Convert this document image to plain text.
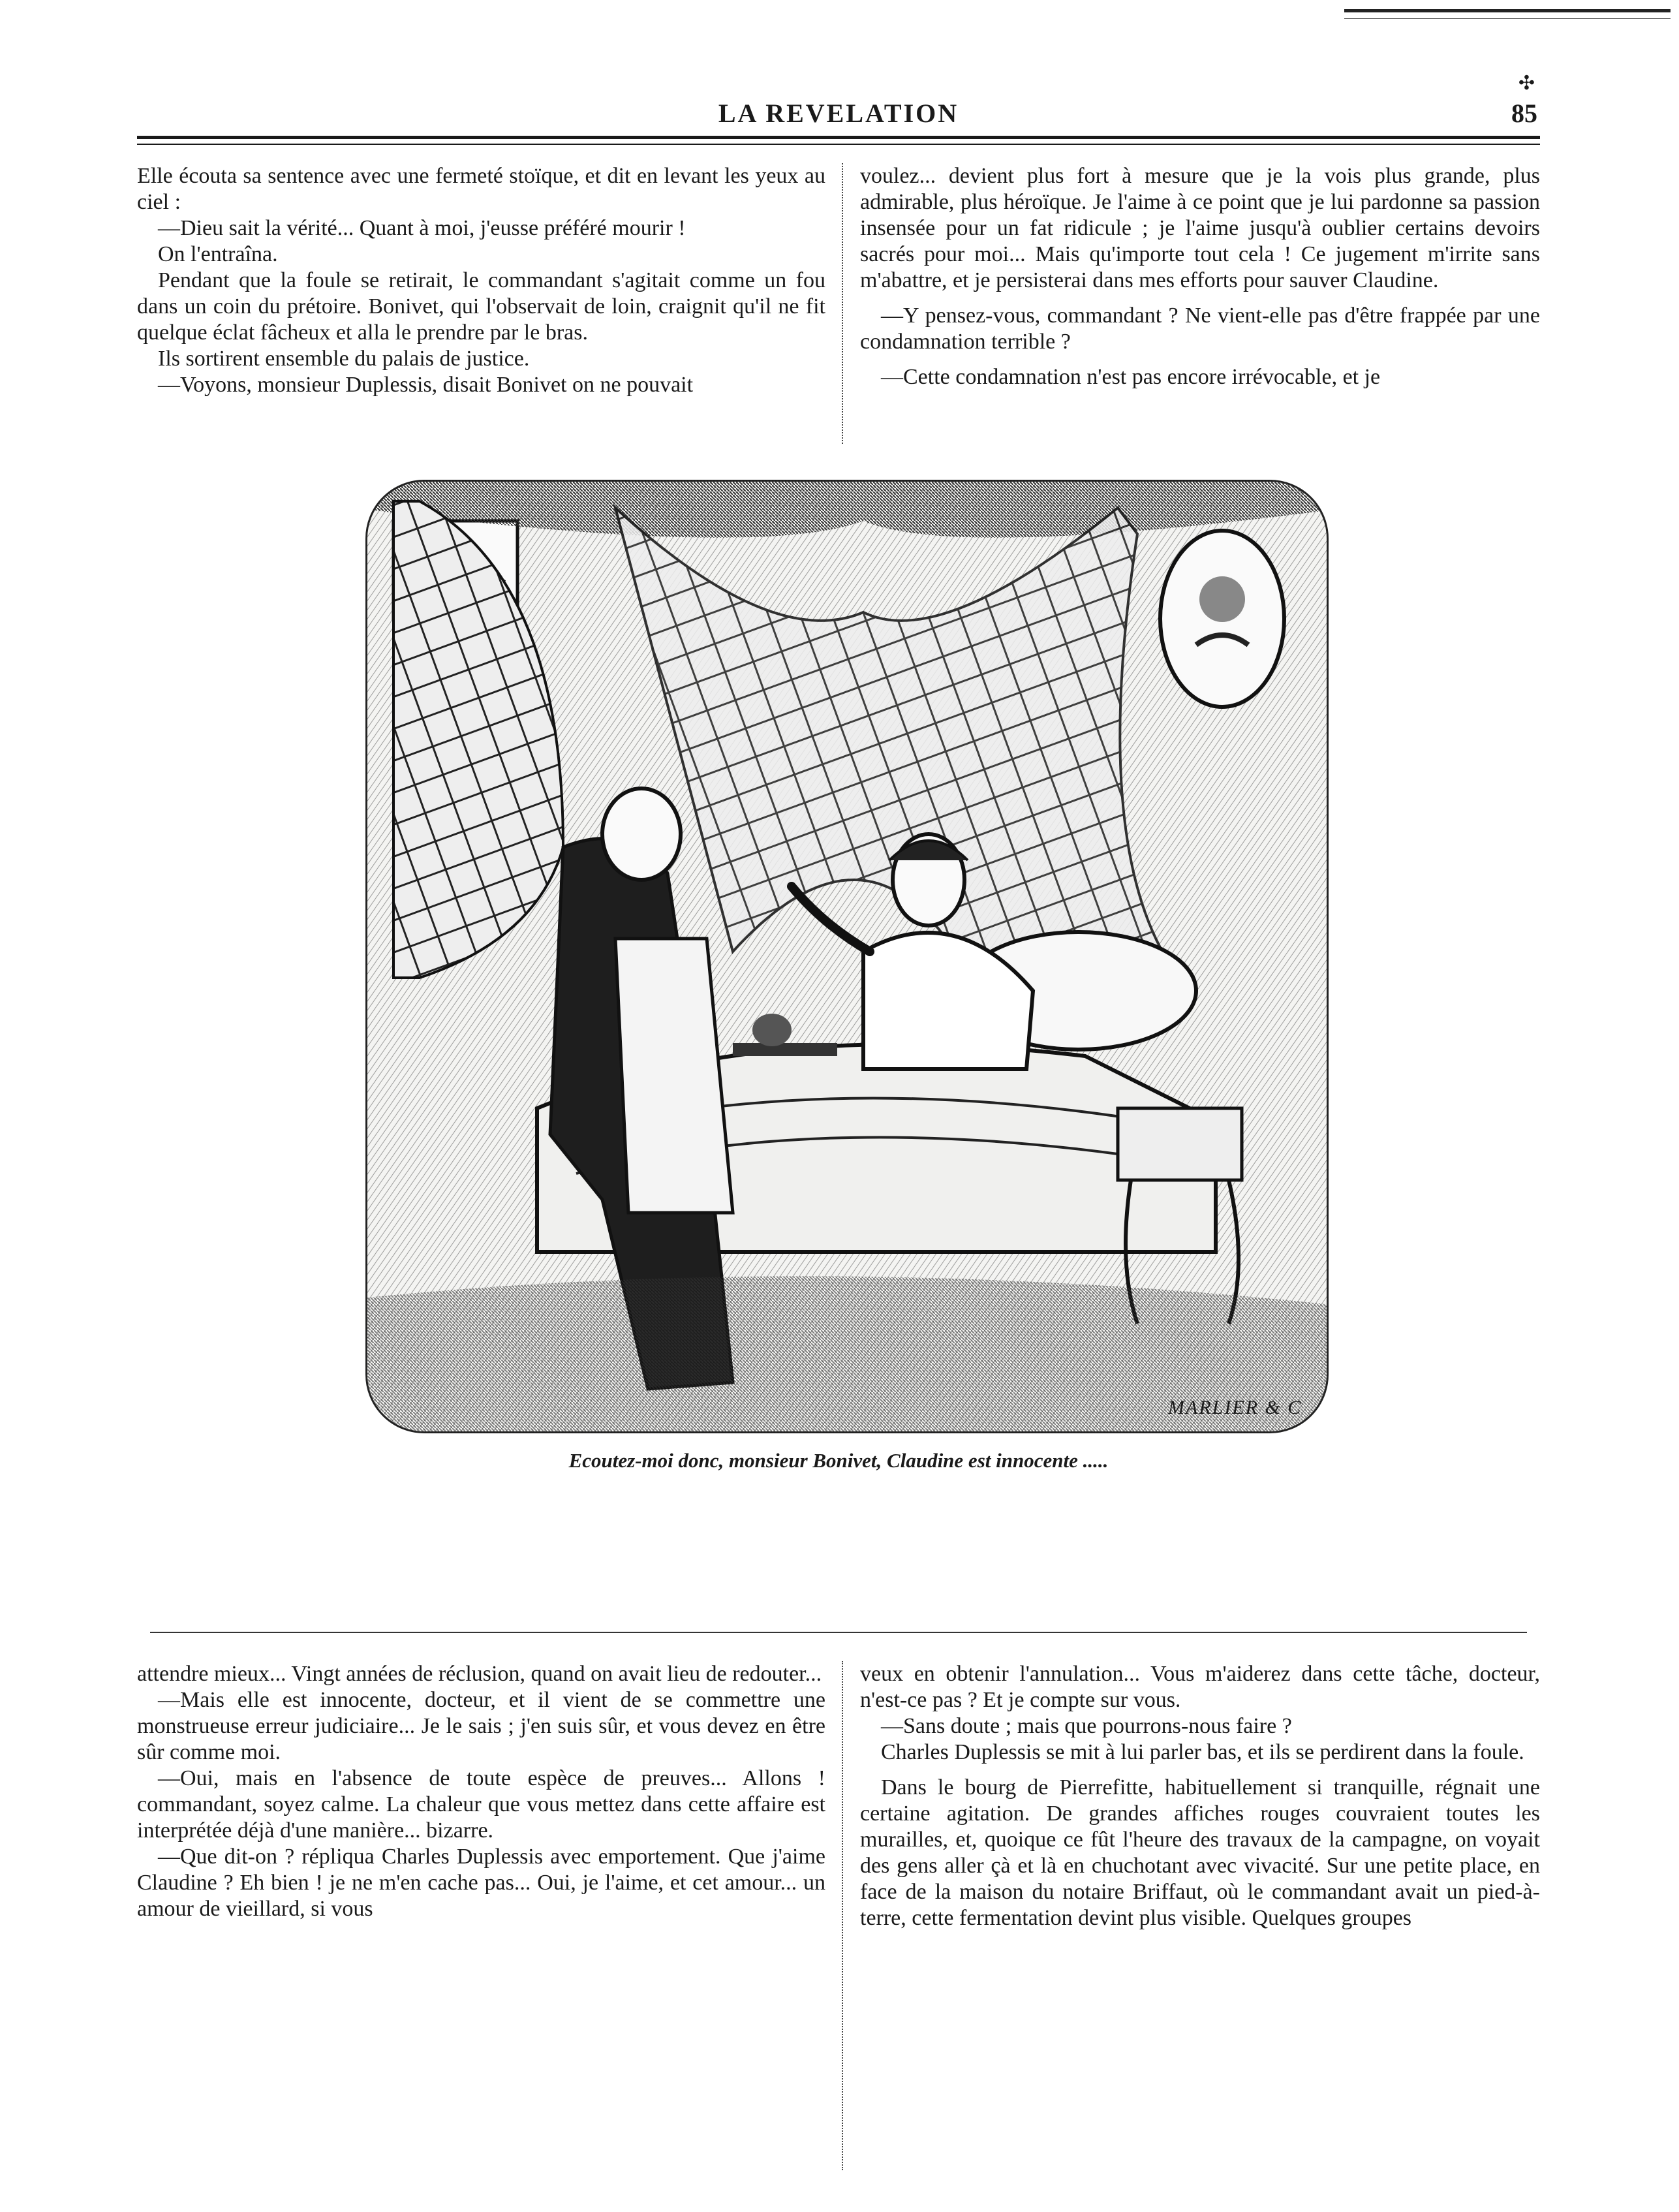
LA REVELATION
✣
85

Elle écouta sa sentence avec une fermeté stoïque, et dit en levant les yeux au ciel :

—Dieu sait la vérité... Quant à moi, j'eusse préféré mourir !

On l'entraîna.

Pendant que la foule se retirait, le commandant s'agitait comme un fou dans un coin du prétoire. Bonivet, qui l'observait de loin, craignit qu'il ne fit quelque éclat fâcheux et alla le prendre par le bras.

Ils sortirent ensemble du palais de justice.

—Voyons, monsieur Duplessis, disait Bonivet on ne pouvait

voulez... devient plus fort à mesure que je la vois plus grande, plus admirable, plus héroïque. Je l'aime à ce point que je lui pardonne sa passion insensée pour un fat ridicule ; je l'aime jusqu'à oublier certains devoirs sacrés pour moi... Mais qu'importe tout cela ! Ce jugement m'irrite sans m'abattre, et je persisterai dans mes efforts pour sauver Claudine.

—Y pensez-vous, commandant ? Ne vient-elle pas d'être frappée par une condamnation terrible ?

—Cette condamnation n'est pas encore irrévocable, et je

MARLIER & C
Ecoutez-moi donc, monsieur Bonivet, Claudine est innocente .....

attendre mieux... Vingt années de réclusion, quand on avait lieu de redouter...

—Mais elle est innocente, docteur, et il vient de se commettre une monstrueuse erreur judiciaire... Je le sais ; j'en suis sûr, et vous devez en être sûr comme moi.

—Oui, mais en l'absence de toute espèce de preuves... Allons ! commandant, soyez calme. La chaleur que vous mettez dans cette affaire est interprétée déjà d'une manière... bizarre.

—Que dit-on ? répliqua Charles Duplessis avec emportement. Que j'aime Claudine ? Eh bien ! je ne m'en cache pas... Oui, je l'aime, et cet amour... un amour de vieillard, si vous

veux en obtenir l'annulation... Vous m'aiderez dans cette tâche, docteur, n'est-ce pas ? Et je compte sur vous.

—Sans doute ; mais que pourrons-nous faire ?

Charles Duplessis se mit à lui parler bas, et ils se perdirent dans la foule.

Dans le bourg de Pierrefitte, habituellement si tranquille, régnait une certaine agitation. De grandes affiches rouges couvraient toutes les murailles, et, quoique ce fût l'heure des travaux de la campagne, on voyait des gens aller çà et là en chuchotant avec vivacité. Sur une petite place, en face de la maison du notaire Briffaut, où le commandant avait un pied-à-terre, cette fermentation devint plus visible. Quelques groupes
